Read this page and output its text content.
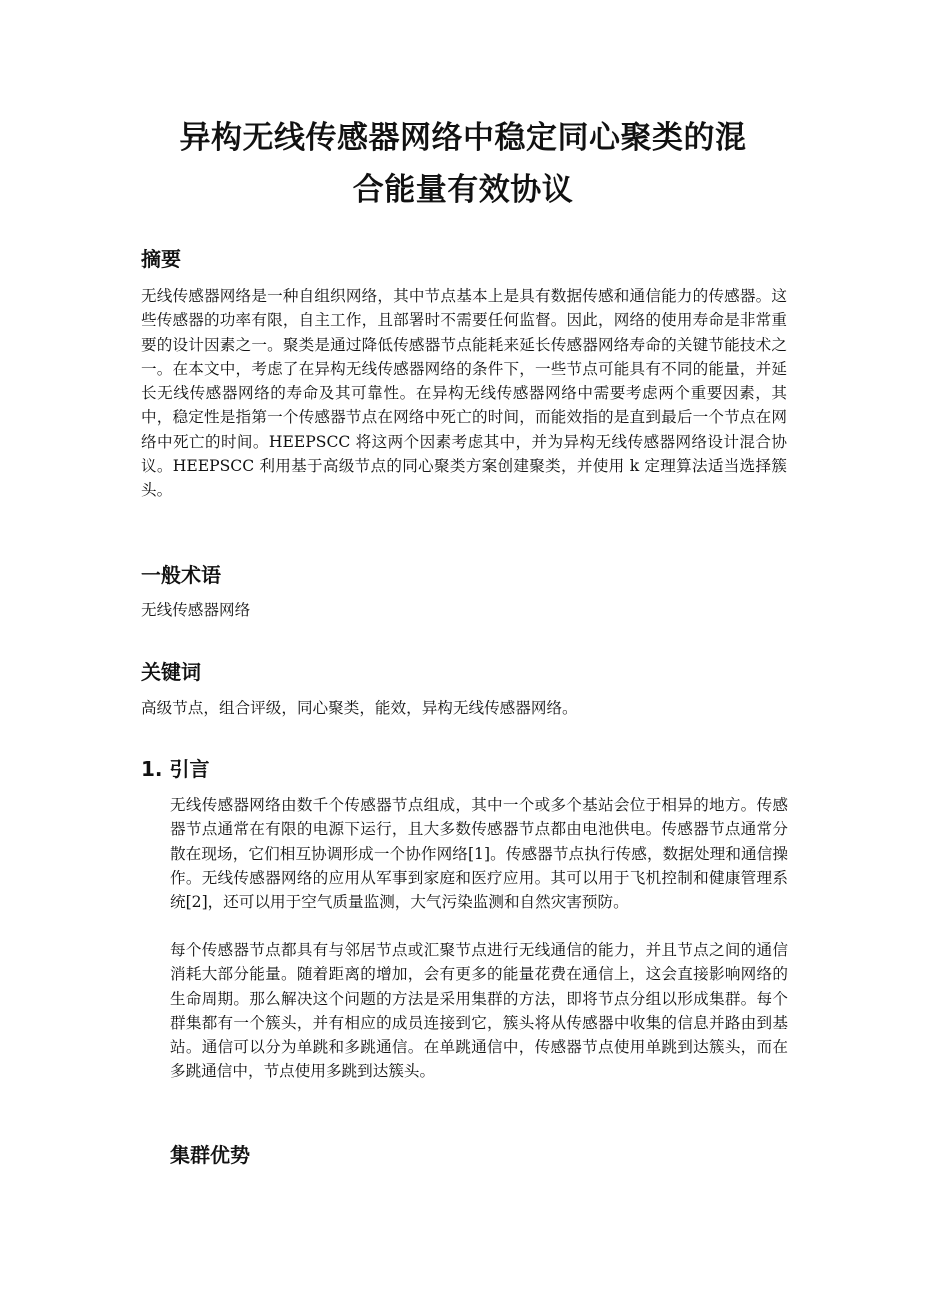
异构无线传感器网络中稳定同心聚类的混
合能量有效协议
摘要

无线传感器网络是一种自组织网络，其中节点基本上是具有数据传感和通信能力的传感器。这些传感器的功率有限，自主工作，且部署时不需要任何监督。因此，网络的使用寿命是非常重要的设计因素之一。聚类是通过降低传感器节点能耗来延长传感器网络寿命的关键节能技术之一。在本文中，考虑了在异构无线传感器网络的条件下，一些节点可能具有不同的能量，并延长无线传感器网络的寿命及其可靠性。在异构无线传感器网络中需要考虑两个重要因素，其中，稳定性是指第一个传感器节点在网络中死亡的时间，而能效指的是直到最后一个节点在网络中死亡的时间。HEEPSCC 将这两个因素考虑其中，并为异构无线传感器网络设计混合协议。HEEPSCC 利用基于高级节点的同心聚类方案创建聚类，并使用 k 定理算法适当选择簇头。

一般术语

无线传感器网络

关键词

高级节点，组合评级，同心聚类，能效，异构无线传感器网络。

1. 引言

无线传感器网络由数千个传感器节点组成，其中一个或多个基站会位于相异的地方。传感器节点通常在有限的电源下运行，且大多数传感器节点都由电池供电。传感器节点通常分散在现场，它们相互协调形成一个协作网络[1]。传感器节点执行传感，数据处理和通信操作。无线传感器网络的应用从军事到家庭和医疗应用。其可以用于飞机控制和健康管理系统[2]，还可以用于空气质量监测，大气污染监测和自然灾害预防。

每个传感器节点都具有与邻居节点或汇聚节点进行无线通信的能力，并且节点之间的通信消耗大部分能量。随着距离的增加，会有更多的能量花费在通信上，这会直接影响网络的生命周期。那么解决这个问题的方法是采用集群的方法，即将节点分组以形成集群。每个群集都有一个簇头，并有相应的成员连接到它，簇头将从传感器中收集的信息并路由到基站。通信可以分为单跳和多跳通信。在单跳通信中，传感器节点使用单跳到达簇头，而在多跳通信中，节点使用多跳到达簇头。

集群优势
